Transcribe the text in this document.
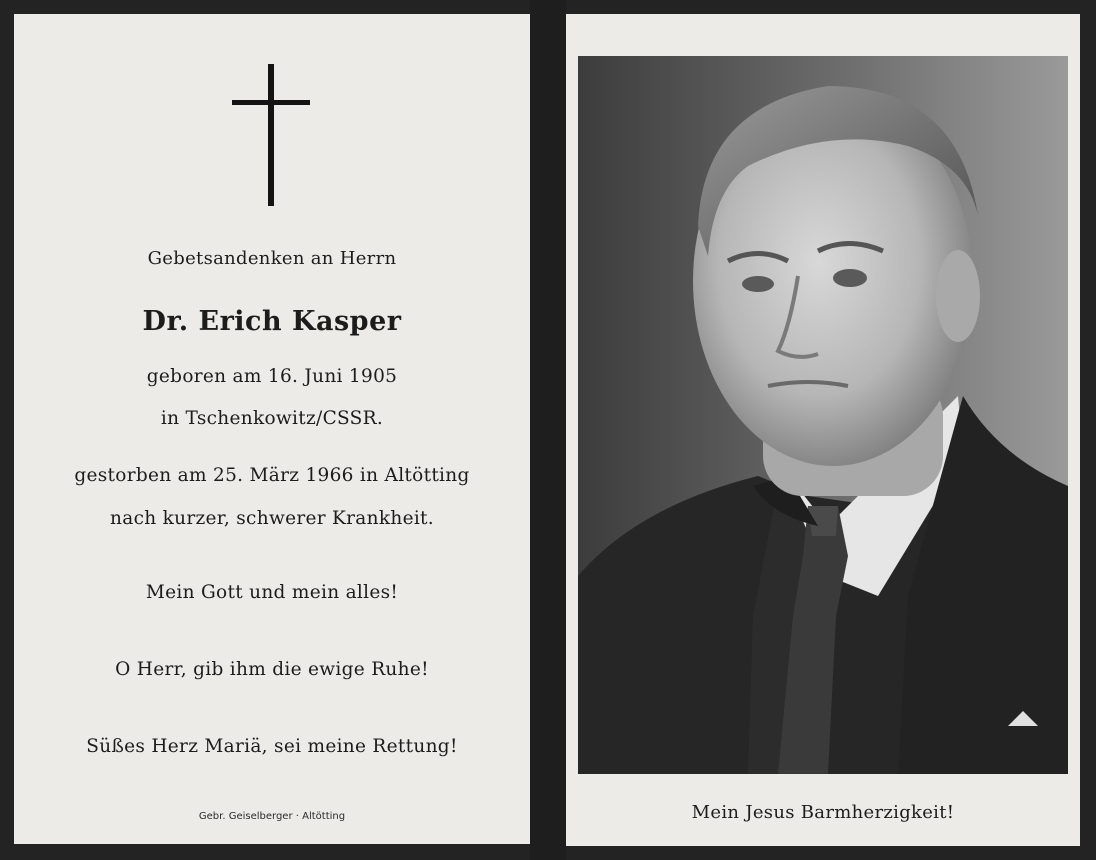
Gebetsandenken an Herrn
Dr. Erich Kasper
geboren am 16. Juni 1905
in Tschenkowitz/CSSR.
gestorben am 25. März 1966 in Altötting
nach kurzer, schwerer Krankheit.
Mein Gott und mein alles!
O Herr, gib ihm die ewige Ruhe!
Süßes Herz Mariä, sei meine Rettung!
Gebr. Geiselberger · Altötting	Mein Jesus Barmherzigkeit!
